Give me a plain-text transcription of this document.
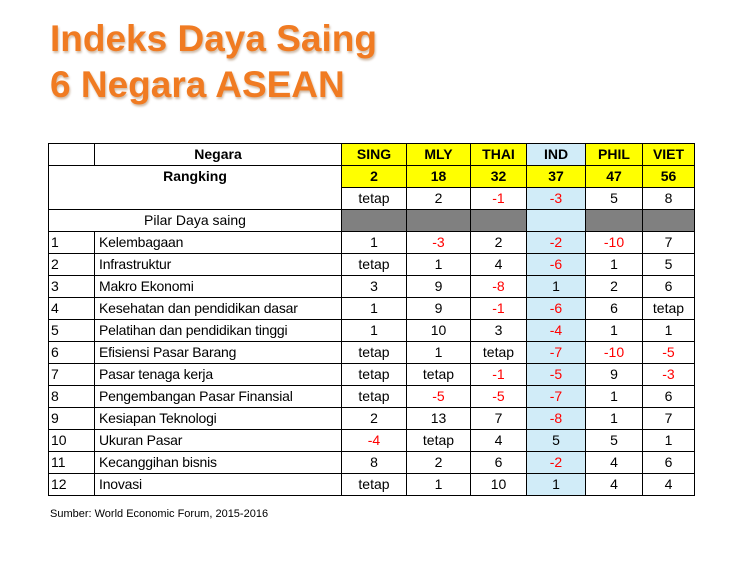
Indeks Daya Saing
6 Negara ASEAN
	Negara	SING	MLY	THAI	IND	PHIL	VIET
Rangking		2	18	32	37	47	56
		tetap	2	-1	-3	5	8
Pilar Daya saing							
1	Kelembagaan	1	-3	2	-2	-10	7
2	Infrastruktur	tetap	1	4	-6	1	5
3	Makro Ekonomi	3	9	-8	1	2	6
4	Kesehatan dan pendidikan dasar	1	9	-1	-6	6	tetap
5	Pelatihan dan pendidikan tinggi	1	10	3	-4	1	1
6	Efisiensi Pasar Barang	tetap	1	tetap	-7	-10	-5
7	Pasar tenaga kerja	tetap	tetap	-1	-5	9	-3
8	Pengembangan Pasar Finansial	tetap	-5	-5	-7	1	6
9	Kesiapan Teknologi	2	13	7	-8	1	7
10	Ukuran Pasar	-4	tetap	4	5	5	1
11	Kecanggihan bisnis	8	2	6	-2	4	6
12	Inovasi	tetap	1	10	1	4	4

Sumber: World Economic Forum, 2015-2016
